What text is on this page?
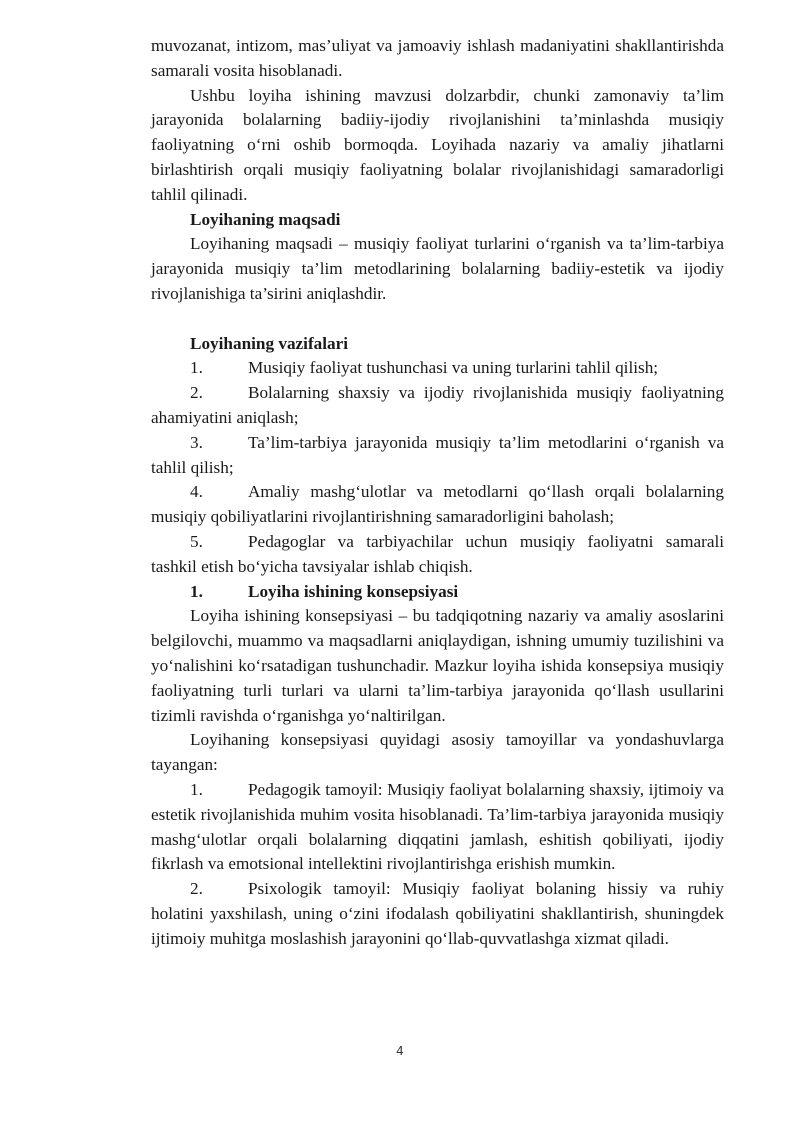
muvozanat, intizom, mas’uliyat va jamoaviy ishlash madaniyatini shakllantirishda samarali vosita hisoblanadi.

Ushbu loyiha ishining mavzusi dolzarbdir, chunki zamonaviy ta’lim jarayonida bolalarning badiiy-ijodiy rivojlanishini ta’minlashda musiqiy faoliyatning o‘rni oshib bormoqda. Loyihada nazariy va amaliy jihatlarni birlashtirish orqali musiqiy faoliyatning bolalar rivojlanishidagi samaradorligi tahlil qilinadi.

Loyihaning maqsadi

Loyihaning maqsadi – musiqiy faoliyat turlarini o‘rganish va ta’lim-tarbiya jarayonida musiqiy ta’lim metodlarining bolalarning badiiy-estetik va ijodiy rivojlanishiga ta’sirini aniqlashdir.

Loyihaning vazifalari

1.	Musiqiy faoliyat tushunchasi va uning turlarini tahlil qilish;

2.	Bolalarning shaxsiy va ijodiy rivojlanishida musiqiy faoliyatning ahamiyatini aniqlash;

3.	Ta’lim-tarbiya jarayonida musiqiy ta’lim metodlarini o‘rganish va tahlil qilish;

4.	Amaliy mashg‘ulotlar va metodlarni qo‘llash orqali bolalarning musiqiy qobiliyatlarini rivojlantirishning samaradorligini baholash;

5.	Pedagoglar va tarbiyachilar uchun musiqiy faoliyatni samarali tashkil etish bo‘yicha tavsiyalar ishlab chiqish.

1.	Loyiha ishining konsepsiyasi

Loyiha ishining konsepsiyasi – bu tadqiqotning nazariy va amaliy asoslarini belgilovchi, muammo va maqsadlarni aniqlaydigan, ishning umumiy tuzilishini va yo‘nalishini ko‘rsatadigan tushunchadir. Mazkur loyiha ishida konsepsiya musiqiy faoliyatning turli turlari va ularni ta’lim-tarbiya jarayonida qo‘llash usullarini tizimli ravishda o‘rganishga yo‘naltirilgan.

Loyihaning konsepsiyasi quyidagi asosiy tamoyillar va yondashuvlarga tayangan:

1.	Pedagogik tamoyil: Musiqiy faoliyat bolalarning shaxsiy, ijtimoiy va estetik rivojlanishida muhim vosita hisoblanadi. Ta’lim-tarbiya jarayonida musiqiy mashg‘ulotlar orqali bolalarning diqqatini jamlash, eshitish qobiliyati, ijodiy fikrlash va emotsional intellektini rivojlantirishga erishish mumkin.

2.	Psixologik tamoyil: Musiqiy faoliyat bolaning hissiy va ruhiy holatini yaxshilash, uning o‘zini ifodalash qobiliyatini shakllantirish, shuningdek ijtimoiy muhitga moslashish jarayonini qo‘llab-quvvatlashga xizmat qiladi.

4
